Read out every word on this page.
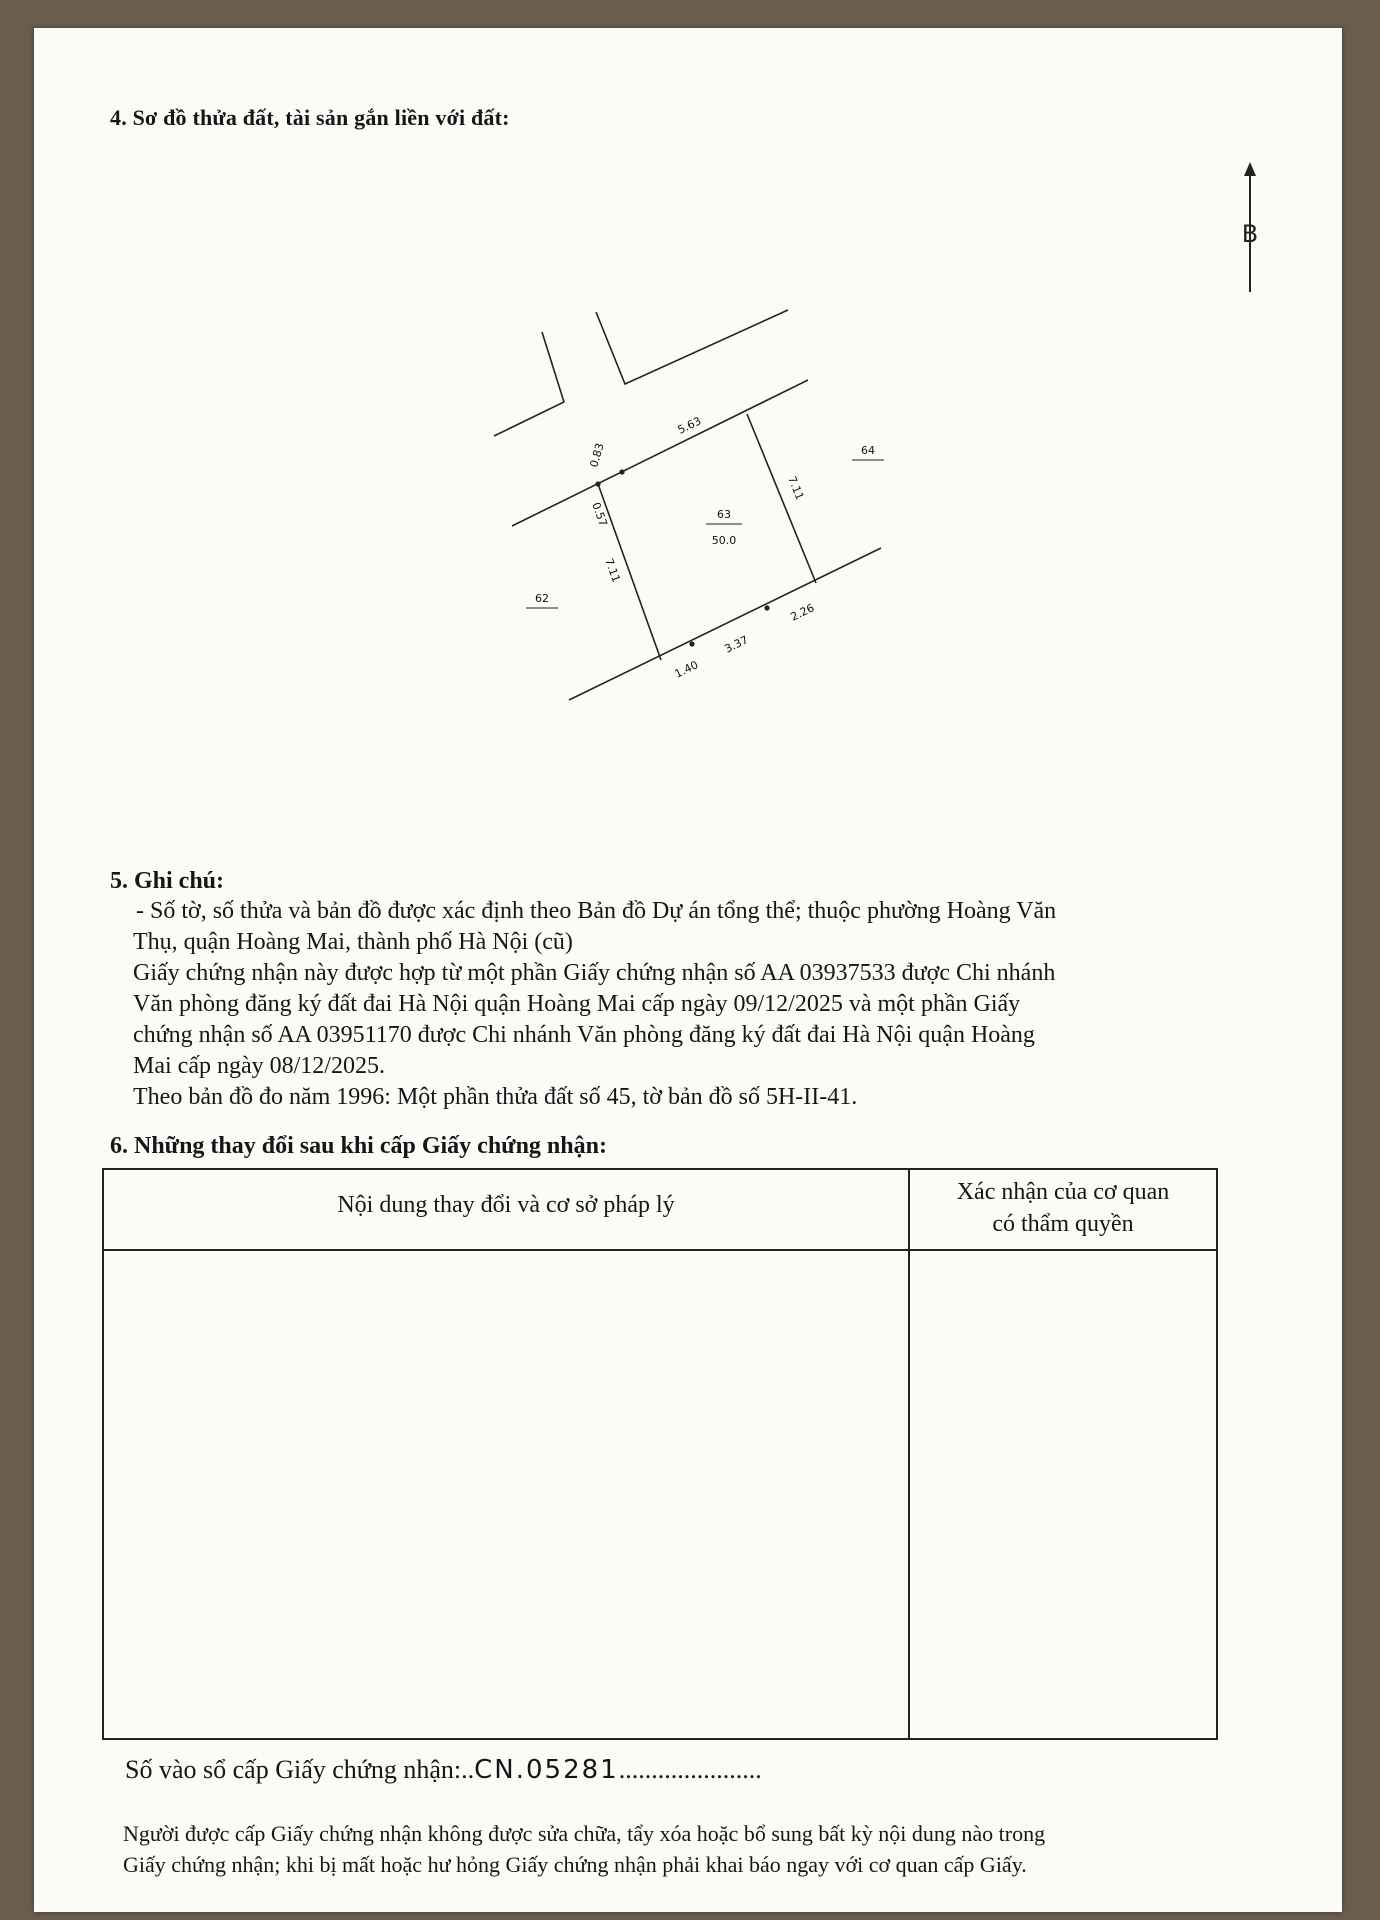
4. Sơ đồ thửa đất, tài sản gắn liền với đất:
B
5.63
0.83
0.57
7.11
7.11
1.40
3.37
2.26
63
50.0
62
64
5. Ghi chú:

- Số tờ, số thửa và bản đồ được xác định theo Bản đồ Dự án tổng thể; thuộc phường Hoàng Văn

Thụ, quận Hoàng Mai, thành phố Hà Nội (cũ)

Giấy chứng nhận này được hợp từ một phần Giấy chứng nhận số AA 03937533 được Chi nhánh

Văn phòng đăng ký đất đai Hà Nội quận Hoàng Mai cấp ngày 09/12/2025 và một phần Giấy

chứng nhận số AA 03951170 được Chi nhánh Văn phòng đăng ký đất đai Hà Nội quận Hoàng

Mai cấp ngày 08/12/2025.

Theo bản đồ đo năm 1996: Một phần thửa đất số 45, tờ bản đồ số 5H-II-41.

6. Những thay đổi sau khi cấp Giấy chứng nhận:
Nội dung thay đổi và cơ sở pháp lý	Xác nhận của cơ quan
có thẩm quyền
Số vào sổ cấp Giấy chứng nhận:..CN.05281......................

Người được cấp Giấy chứng nhận không được sửa chữa, tẩy xóa hoặc bổ sung bất kỳ nội dung nào trong

Giấy chứng nhận; khi bị mất hoặc hư hỏng Giấy chứng nhận phải khai báo ngay với cơ quan cấp Giấy.
